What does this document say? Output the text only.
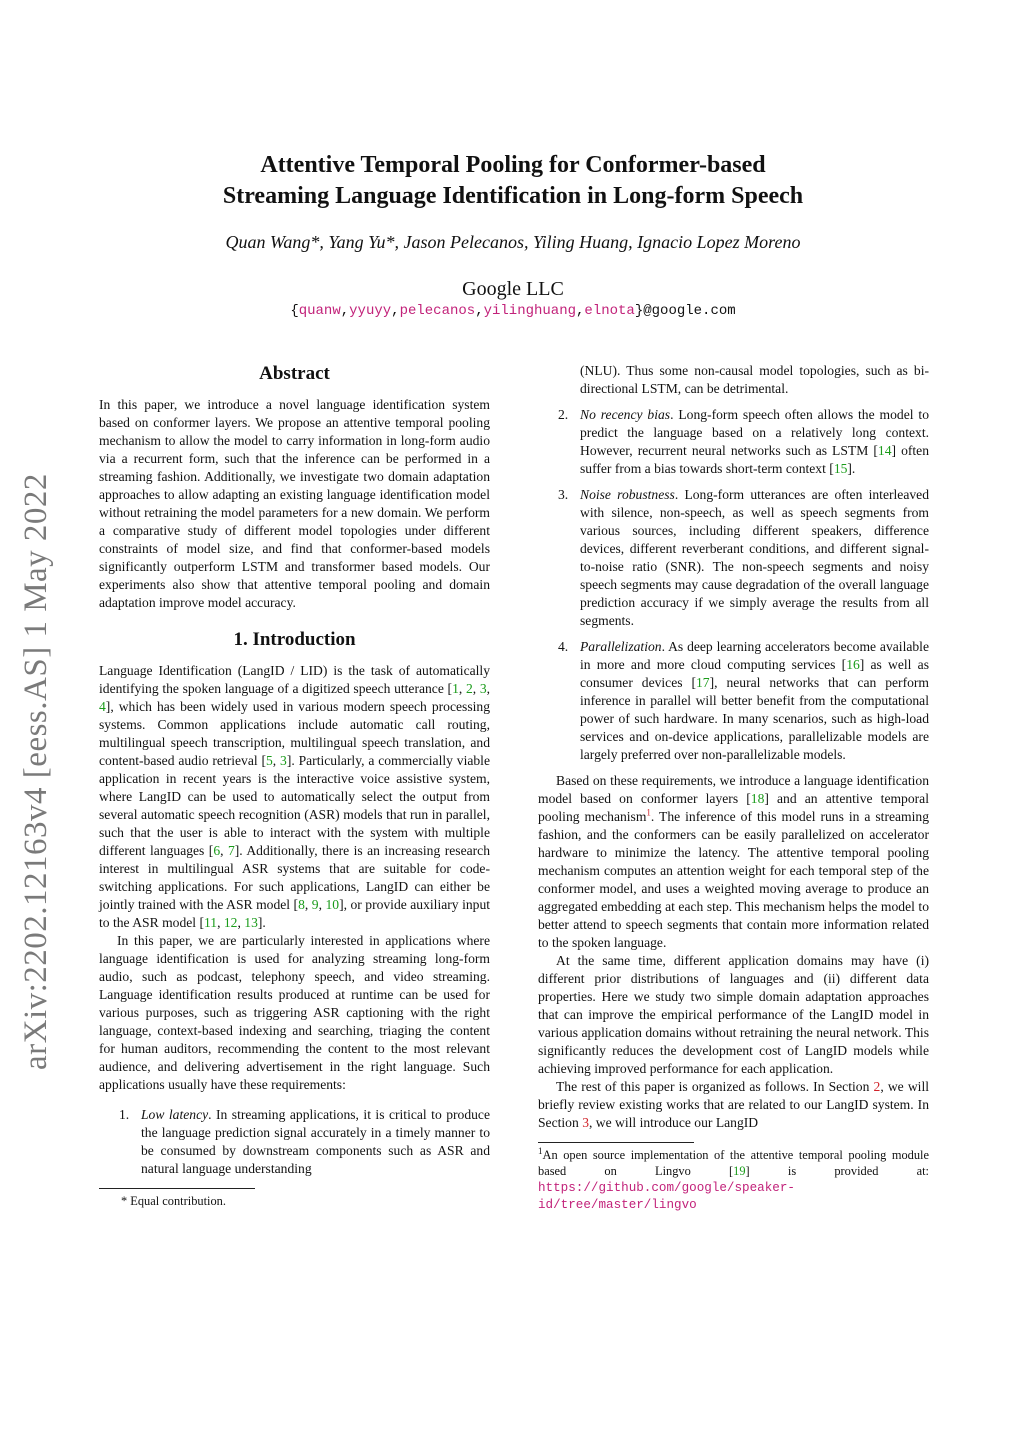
arXiv:2202.12163v4 [eess.AS] 1 May 2022
Attentive Temporal Pooling for Conformer-based
Streaming Language Identification in Long-form Speech
Quan Wang*, Yang Yu*, Jason Pelecanos, Yiling Huang, Ignacio Lopez Moreno
Google LLC
{quanw,yyuyy,pelecanos,yilinghuang,elnota}@google.com
Abstract

In this paper, we introduce a novel language identification system based on conformer layers. We propose an attentive temporal pooling mechanism to allow the model to carry information in long-form audio via a recurrent form, such that the inference can be performed in a streaming fashion. Additionally, we investigate two domain adaptation approaches to allow adapting an existing language identification model without retraining the model parameters for a new domain. We perform a comparative study of different model topologies under different constraints of model size, and find that conformer-based models significantly outperform LSTM and transformer based models. Our experiments also show that attentive temporal pooling and domain adaptation improve model accuracy.

1. Introduction

Language Identification (LangID / LID) is the task of automatically identifying the spoken language of a digitized speech utterance [1, 2, 3, 4], which has been widely used in various modern speech processing systems. Common applications include automatic call routing, multilingual speech transcription, multilingual speech translation, and content-based audio retrieval [5, 3]. Particularly, a commercially viable application in recent years is the interactive voice assistive system, where LangID can be used to automatically select the output from several automatic speech recognition (ASR) models that run in parallel, such that the user is able to interact with the system with multiple different languages [6, 7]. Additionally, there is an increasing research interest in multilingual ASR systems that are suitable for code-switching applications. For such applications, LangID can either be jointly trained with the ASR model [8, 9, 10], or provide auxiliary input to the ASR model [11, 12, 13].

In this paper, we are particularly interested in applications where language identification is used for analyzing streaming long-form audio, such as podcast, telephony speech, and video streaming. Language identification results produced at runtime can be used for various purposes, such as triggering ASR captioning with the right language, context-based indexing and searching, triaging the content for human auditors, recommending the content to the most relevant audience, and delivering advertisement in the right language. Such applications usually have these requirements:

1. Low latency. In streaming applications, it is critical to produce the language prediction signal accurately in a timely manner to be consumed by downstream components such as ASR and natural language understanding
* Equal contribution.
(NLU). Thus some non-causal model topologies, such as bi-directional LSTM, can be detrimental.
2. No recency bias. Long-form speech often allows the model to predict the language based on a relatively long context. However, recurrent neural networks such as LSTM [14] often suffer from a bias towards short-term context [15].
3. Noise robustness. Long-form utterances are often interleaved with silence, non-speech, as well as speech segments from various sources, including different speakers, difference devices, different reverberant conditions, and different signal-to-noise ratio (SNR). The non-speech segments and noisy speech segments may cause degradation of the overall language prediction accuracy if we simply average the results from all segments.
4. Parallelization. As deep learning accelerators become available in more and more cloud computing services [16] as well as consumer devices [17], neural networks that can perform inference in parallel will better benefit from the computational power of such hardware. In many scenarios, such as high-load services and on-device applications, parallelizable models are largely preferred over non-parallelizable models.

Based on these requirements, we introduce a language identification model based on conformer layers [18] and an attentive temporal pooling mechanism$^1$. The inference of this model runs in a streaming fashion, and the conformers can be easily parallelized on accelerator hardware to minimize the latency. The attentive temporal pooling mechanism computes an attention weight for each temporal step of the conformer model, and uses a weighted moving average to produce an aggregated embedding at each step. This mechanism helps the model to better attend to speech segments that contain more information related to the spoken language.

At the same time, different application domains may have (i) different prior distributions of languages and (ii) different data properties. Here we study two simple domain adaptation approaches that can improve the empirical performance of the LangID model in various application domains without retraining the neural network. This significantly reduces the development cost of LangID models while achieving improved performance for each application.

The rest of this paper is organized as follows. In Section 2, we will briefly review existing works that are related to our LangID system. In Section 3, we will introduce our LangID

$^1$An open source implementation of the attentive temporal pooling module based on Lingvo [19] is provided at: https://github.com/google/speaker-id/tree/master/lingvo
